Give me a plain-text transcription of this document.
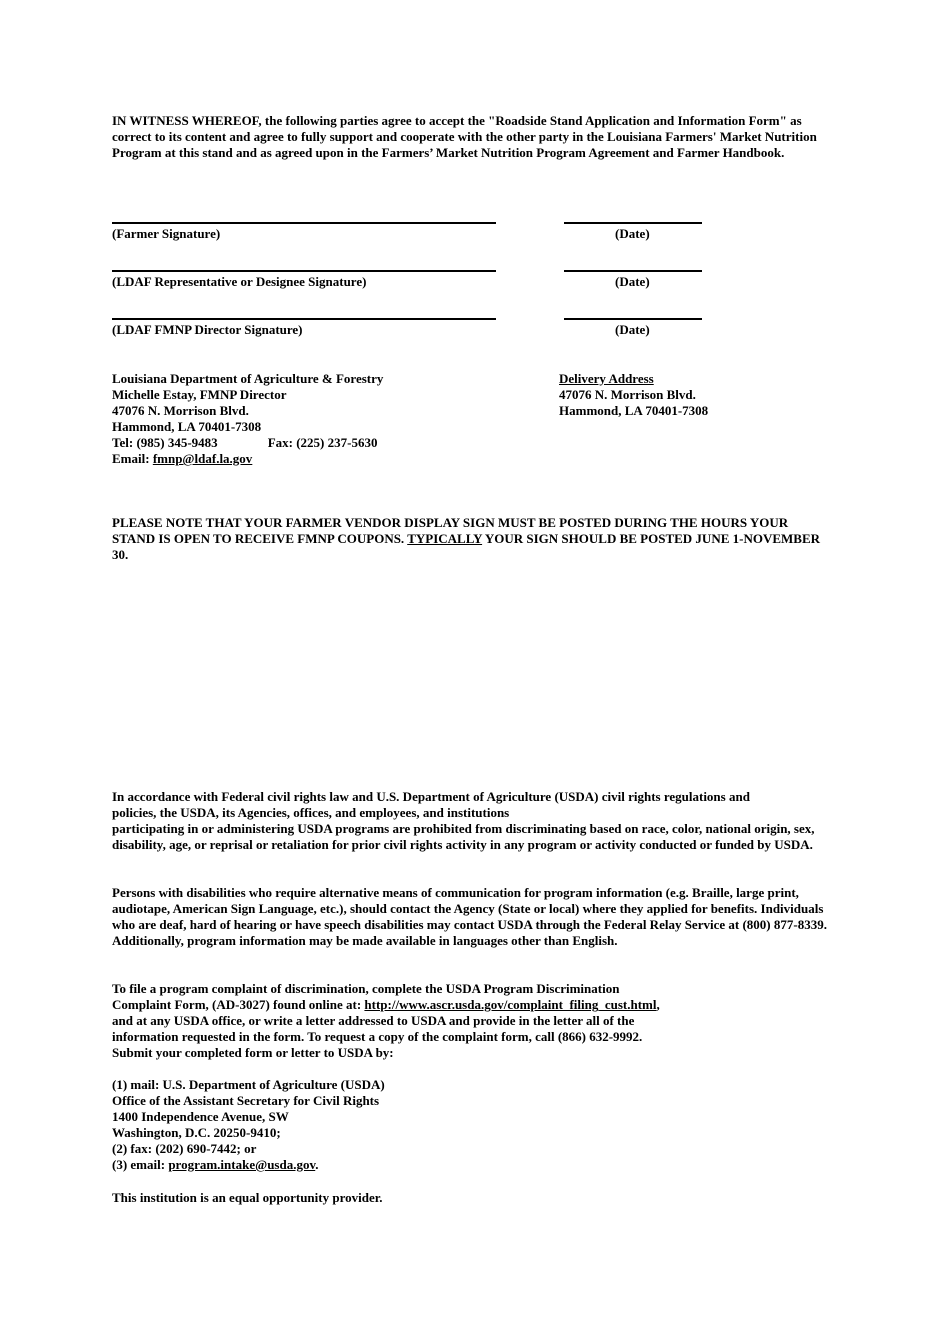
IN WITNESS WHEREOF, the following parties agree to accept the "Roadside Stand Application and Information Form" as correct to its content and agree to fully support and cooperate with the other party in the Louisiana Farmers' Market Nutrition Program at this stand and as agreed upon in the Farmers’ Market Nutrition Program Agreement and Farmer Handbook.

(Farmer Signature)	(Date)
(LDAF Representative or Designee Signature)	(Date)
(LDAF FMNP Director Signature)	(Date)
Louisiana Department of Agriculture & Forestry
Michelle Estay, FMNP Director
47076 N. Morrison Blvd.
Hammond, LA 70401-7308
Tel: (985) 345-9483	Fax: (225) 237-5630
Email: fmnp@ldaf.la.gov
Delivery Address
47076 N. Morrison Blvd.
Hammond, LA 70401-7308

PLEASE NOTE THAT YOUR FARMER VENDOR DISPLAY SIGN MUST BE POSTED DURING THE HOURS YOUR STAND IS OPEN TO RECEIVE FMNP COUPONS. TYPICALLY YOUR SIGN SHOULD BE POSTED JUNE 1-NOVEMBER 30.

In accordance with Federal civil rights law and U.S. Department of Agriculture (USDA) civil rights regulations and
policies, the USDA, its Agencies, offices, and employees, and institutions

participating in or administering USDA programs are prohibited from discriminating based on race, color, national origin, sex, disability, age, or reprisal or retaliation for prior civil rights activity in any program or activity conducted or funded by USDA.

Persons with disabilities who require alternative means of communication for program information (e.g. Braille, large print, audiotape, American Sign Language, etc.), should contact the Agency (State or local) where they applied for benefits. Individuals who are deaf, hard of hearing or have speech disabilities may contact USDA through the Federal Relay Service at (800) 877-8339. Additionally, program information may be made available in languages other than English.

To file a program complaint of discrimination, complete the USDA Program Discrimination
Complaint Form, (AD-3027) found online at: http://www.ascr.usda.gov/complaint_filing_cust.html,
and at any USDA office, or write a letter addressed to USDA and provide in the letter all of the
information requested in the form. To request a copy of the complaint form, call (866) 632-9992.
Submit your completed form or letter to USDA by:
(1) mail: U.S. Department of Agriculture (USDA)
Office of the Assistant Secretary for Civil Rights
1400 Independence Avenue, SW
Washington, D.C. 20250-9410;
(2) fax: (202) 690-7442; or
(3) email: program.intake@usda.gov.
This institution is an equal opportunity provider.
